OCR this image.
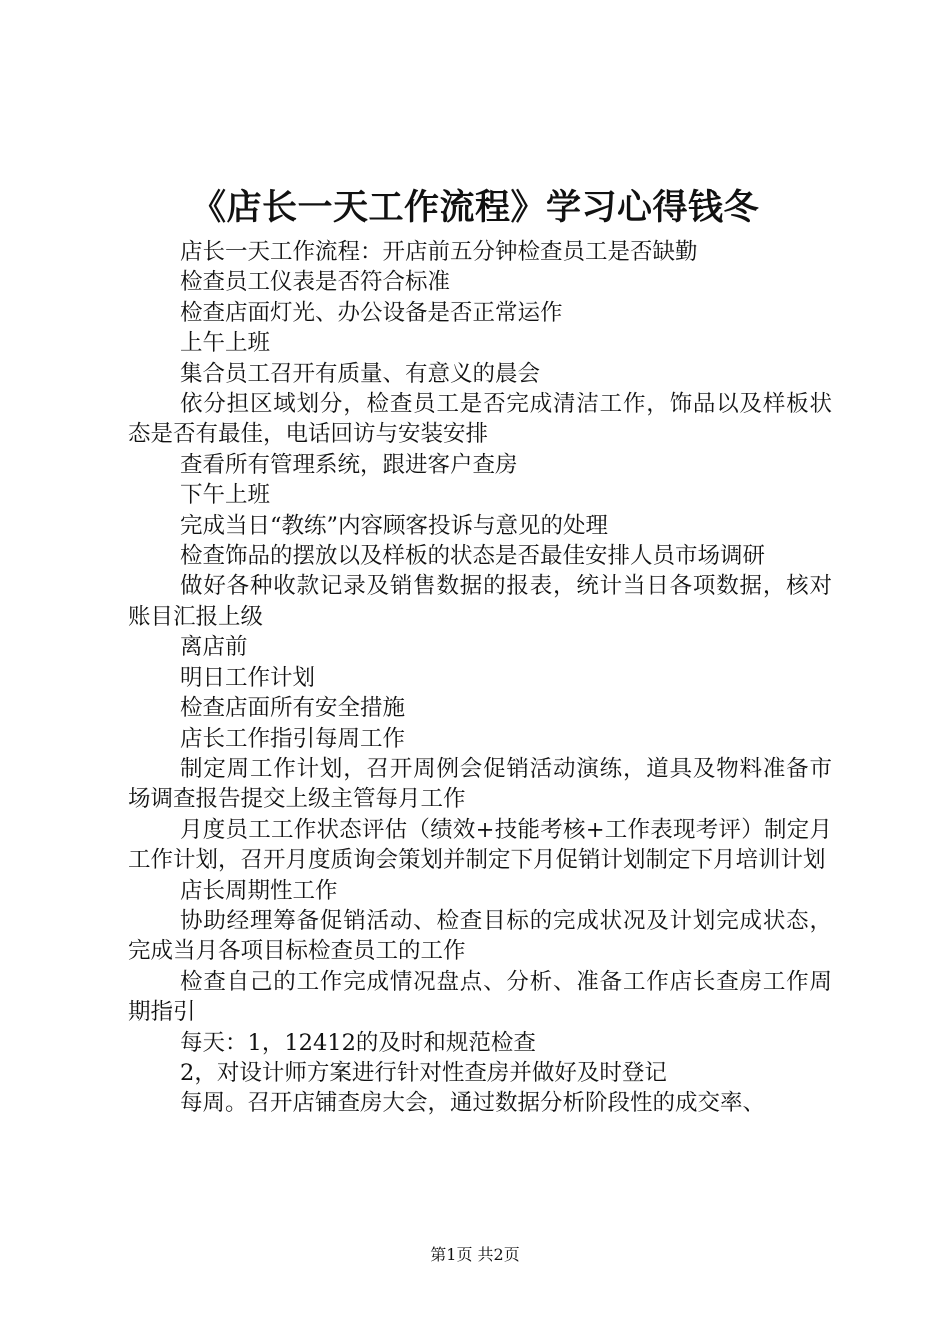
《店长一天工作流程》学习心得钱冬

店长一天工作流程：开店前五分钟检查员工是否缺勤

检查员工仪表是否符合标准

检查店面灯光、办公设备是否正常运作

上午上班

集合员工召开有质量、有意义的晨会

依分担区域划分，检查员工是否完成清洁工作，饰品以及样板状态是否有最佳，电话回访与安装安排

查看所有管理系统，跟进客户查房

下午上班

完成当日“教练”内容顾客投诉与意见的处理

检查饰品的摆放以及样板的状态是否最佳安排人员市场调研

做好各种收款记录及销售数据的报表，统计当日各项数据，核对账目汇报上级

离店前

明日工作计划

检查店面所有安全措施

店长工作指引每周工作

制定周工作计划，召开周例会促销活动演练，道具及物料准备市场调查报告提交上级主管每月工作

月度员工工作状态评估（绩效+技能考核+工作表现考评）制定月工作计划，召开月度质询会策划并制定下月促销计划制定下月培训计划

店长周期性工作

协助经理筹备促销活动、检查目标的完成状况及计划完成状态，完成当月各项目标检查员工的工作

检查自己的工作完成情况盘点、分析、准备工作店长查房工作周期指引

每天：1，12412的及时和规范检查

2，对设计师方案进行针对性查房并做好及时登记

每周。召开店铺查房大会，通过数据分析阶段性的成交率、

第1页 共2页
